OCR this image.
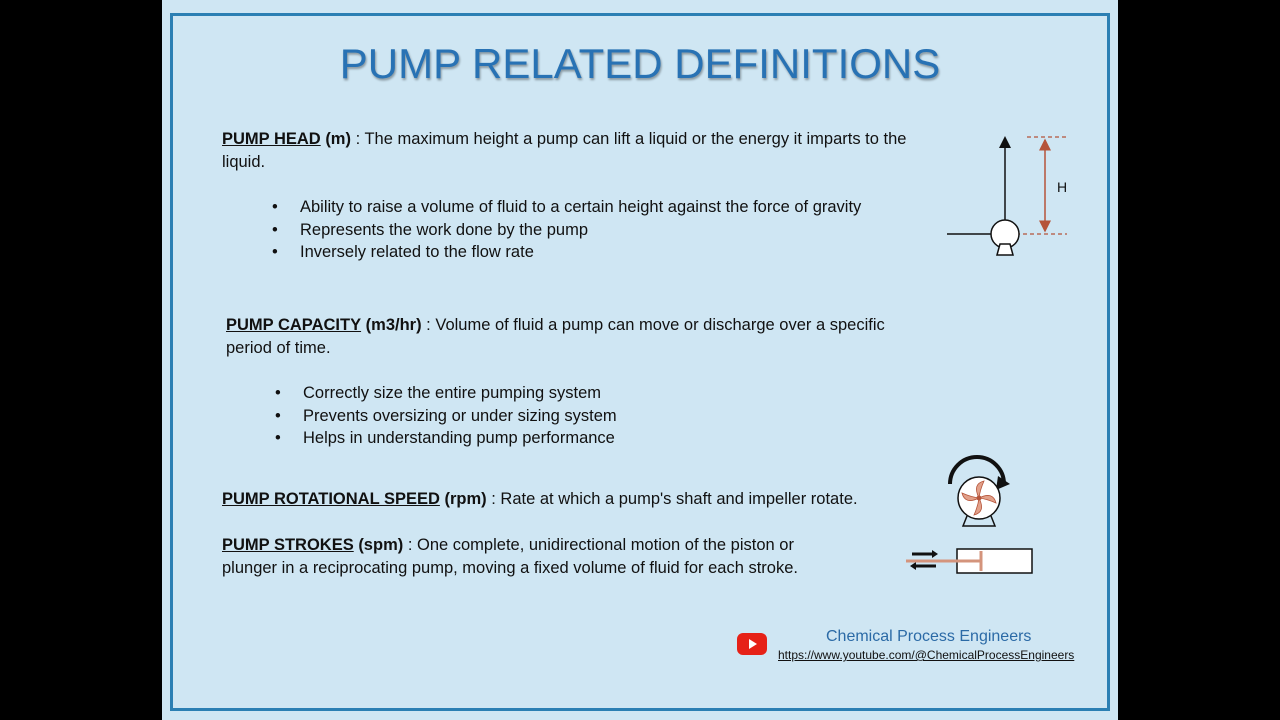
PUMP RELATED DEFINITIONS
PUMP HEAD (m) : The maximum height a pump can lift a liquid or the energy it imparts to the liquid.
• Ability to raise a volume of fluid to a certain height against the force of gravity
• Represents the work done by the pump
• Inversely related to the flow rate
PUMP CAPACITY (m3/hr) : Volume of fluid a pump can move or discharge over a specific period of time.
• Correctly size the entire pumping system
• Prevents oversizing or under sizing system
• Helps in understanding pump performance
PUMP ROTATIONAL SPEED (rpm) : Rate at which a pump's shaft and impeller rotate.
PUMP STROKES (spm) : One complete, unidirectional motion of the piston or plunger in a reciprocating pump, moving a fixed volume of fluid for each stroke.
H
Chemical Process Engineers
https://www.youtube.com/@ChemicalProcessEngineers
